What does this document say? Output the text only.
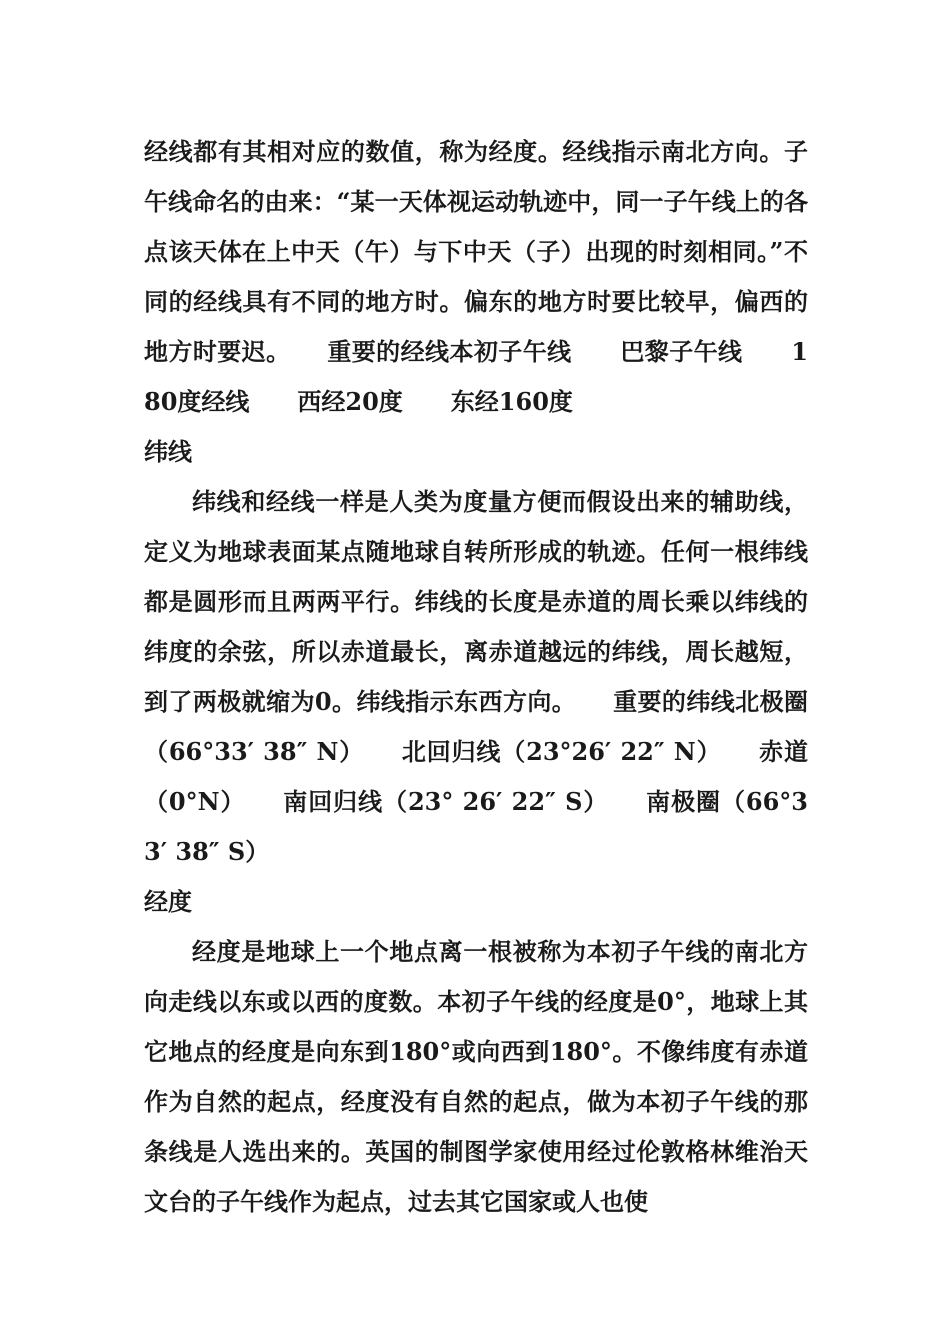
经线都有其相对应的数值，称为经度。经线指示南北方向。子午线命名的由来：“某一天体视运动轨迹中，同一子午线上的各点该天体在上中天（午）与下中天（子）出现的时刻相同。”不同的经线具有不同的地方时。偏东的地方时要比较早，偏西的地方时要迟。　　重要的经线本初子午线　　巴黎子午线　　180度经线　　西经20度　　东经160度

纬线

纬线和经线一样是人类为度量方便而假设出来的辅助线，定义为地球表面某点随地球自转所形成的轨迹。任何一根纬线都是圆形而且两两平行。纬线的长度是赤道的周长乘以纬线的纬度的余弦，所以赤道最长，离赤道越远的纬线，周长越短，到了两极就缩为0。纬线指示东西方向。　　重要的纬线北极圈（66°33′ 38″ N）　　北回归线（23°26′ 22″ N）　　赤道（0°N）　　南回归线（23° 26′ 22″ S）　　南极圈（66°33′ 38″ S）

经度

经度是地球上一个地点离一根被称为本初子午线的南北方向走线以东或以西的度数。本初子午线的经度是0°，地球上其它地点的经度是向东到180°或向西到180°。不像纬度有赤道作为自然的起点，经度没有自然的起点，做为本初子午线的那条线是人选出来的。英国的制图学家使用经过伦敦格林维治天文台的子午线作为起点，过去其它国家或人也使
